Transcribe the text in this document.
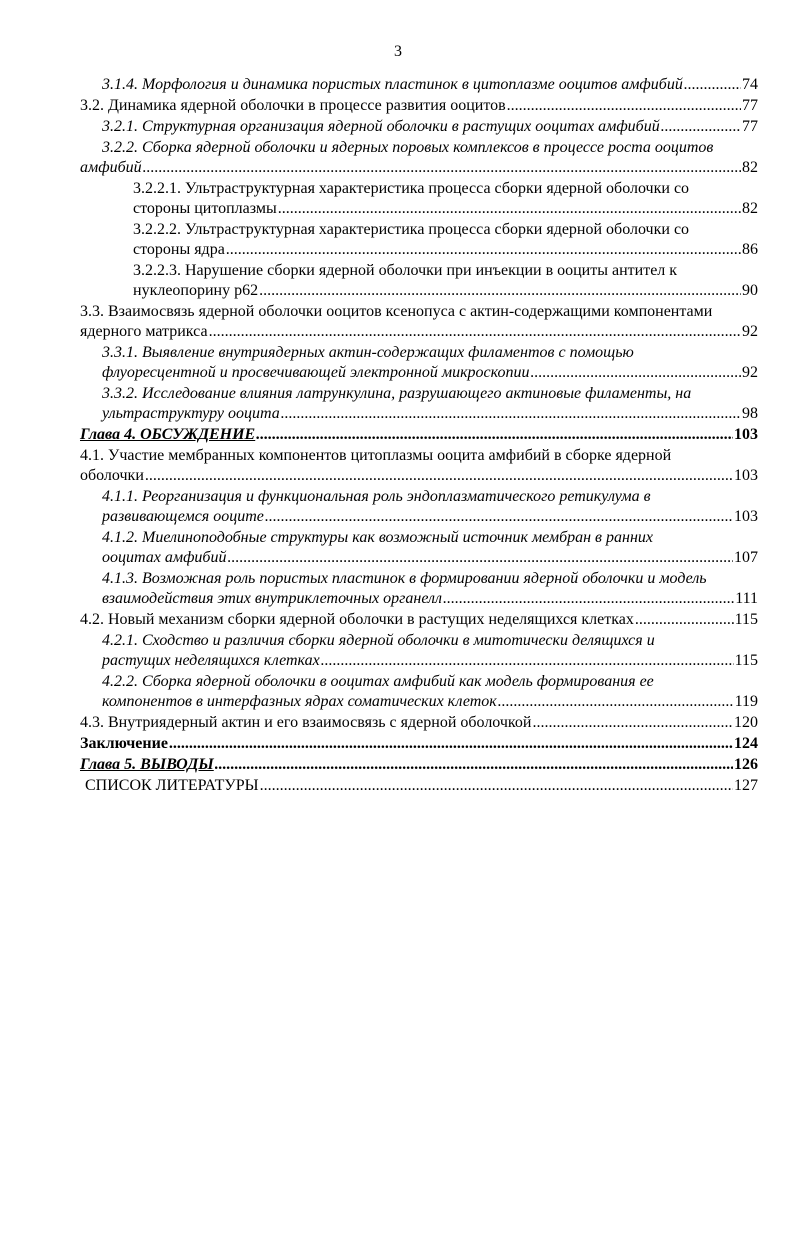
3
3.1.4. Морфология и динамика пористых пластинок в цитоплазме ооцитов амфибий .....	74
3.2. Динамика ядерной оболочки в процессе развития ооцитов .....	77
3.2.1. Структурная организация ядерной оболочки в растущих ооцитах амфибий .....	77
3.2.2. Сборка ядерной оболочки и ядерных поровых комплексов в процессе роста ооцитов
амфибий .....	82
3.2.2.1. Ультраструктурная характеристика процесса сборки ядерной оболочки со
стороны цитоплазмы .....	82
3.2.2.2. Ультраструктурная характеристика процесса сборки ядерной оболочки со
стороны ядра .....	86
3.2.2.3. Нарушение сборки ядерной оболочки при инъекции в ооциты антител к
нуклеопорину p62 .....	90
3.3. Взаимосвязь ядерной оболочки ооцитов ксенопуса с актин-содержащими компонентами
ядерного матрикса .....	92
3.3.1. Выявление внутриядерных актин-содержащих филаментов с помощью
флуоресцентной и просвечивающей электронной микроскопии .....	92
3.3.2. Исследование влияния латрункулина, разрушающего актиновые филаменты, на
ультраструктуру ооцита .....	98
Глава 4. ОБСУЖДЕНИЕ .....	103
4.1. Участие мембранных компонентов цитоплазмы ооцита амфибий в сборке ядерной
оболочки .....	103
4.1.1. Реорганизация и функциональная роль эндоплазматического ретикулума в
развивающемся ооците .....	103
4.1.2. Миелиноподобные структуры как возможный источник мембран в ранних
ооцитах амфибий .....	107
4.1.3. Возможная роль пористых пластинок в формировании ядерной оболочки и модель
взаимодействия этих внутриклеточных органелл .....	111
4.2. Новый механизм сборки ядерной оболочки в растущих неделящихся клетках .....	115
4.2.1. Сходство и различия сборки ядерной оболочки в митотически делящихся и
растущих неделящихся клетках .....	115
4.2.2. Сборка ядерной оболочки в ооцитах амфибий как модель формирования ее
компонентов в интерфазных ядрах соматических клеток .....	119
4.3. Внутриядерный актин и его взаимосвязь с ядерной оболочкой .....	120
Заключение .....	124
Глава 5. ВЫВОДЫ .....	126
СПИСОК ЛИТЕРАТУРЫ .....	127
